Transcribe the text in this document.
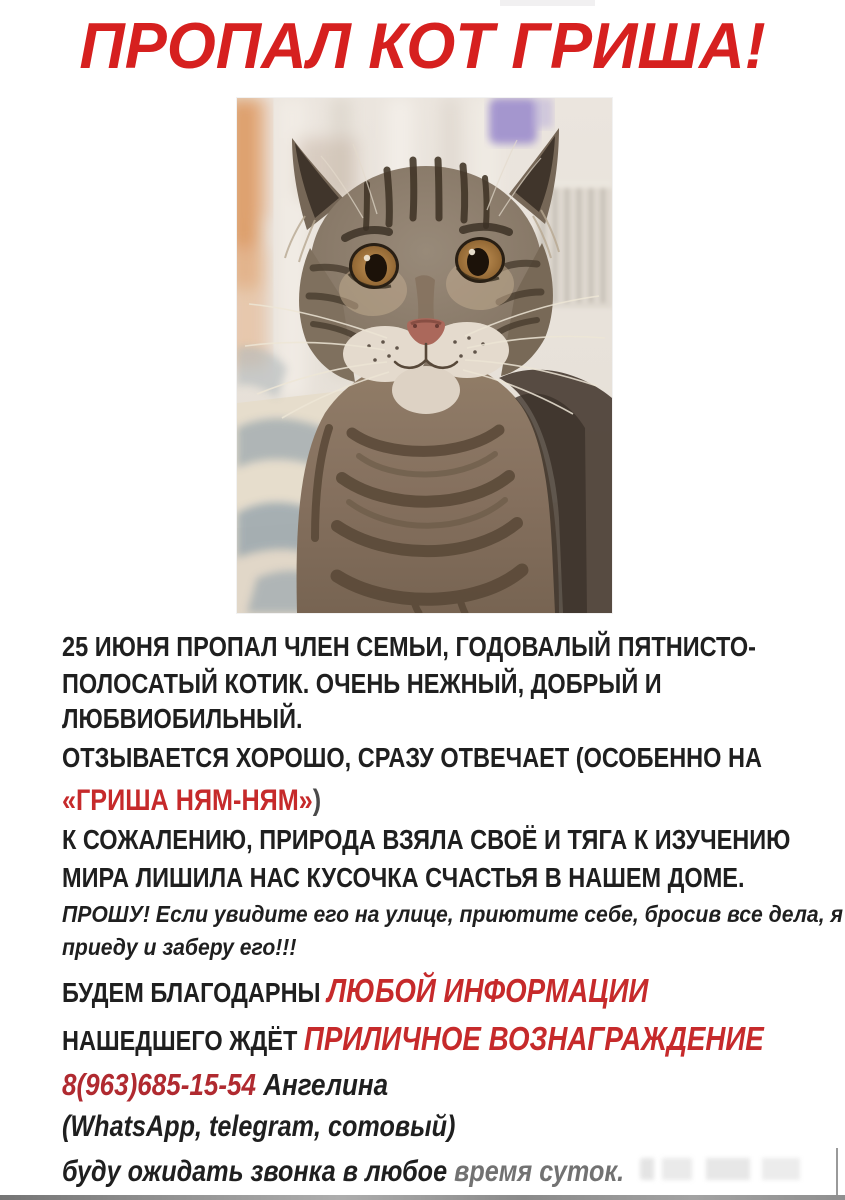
ПРОПАЛ КОТ ГРИША!
25 ИЮНЯ ПРОПАЛ ЧЛЕН СЕМЬИ, ГОДОВАЛЫЙ ПЯТНИСТО-
ПОЛОСАТЫЙ КОТИК. ОЧЕНЬ НЕЖНЫЙ, ДОБРЫЙ И
ЛЮБВИОБИЛЬНЫЙ.
ОТЗЫВАЕТСЯ ХОРОШО, СРАЗУ ОТВЕЧАЕТ (ОСОБЕННО НА
«ГРИША НЯМ-НЯМ»)
К СОЖАЛЕНИЮ, ПРИРОДА ВЗЯЛА СВОЁ И ТЯГА К ИЗУЧЕНИЮ
МИРА ЛИШИЛА НАС КУСОЧКА СЧАСТЬЯ В НАШЕМ ДОМЕ.
ПРОШУ! Если увидите его на улице, приютите себе, бросив все дела, я
приеду и заберу его!!!
БУДЕМ БЛАГОДАРНЫ ЛЮБОЙ ИНФОРМАЦИИ
НАШЕДШЕГО ЖДЁТ ПРИЛИЧНОЕ ВОЗНАГРАЖДЕНИЕ
8(963)685-15-54 Ангелина
(WhatsApp, telegram, сотовый)
буду ожидать звонка в любое время суток.
